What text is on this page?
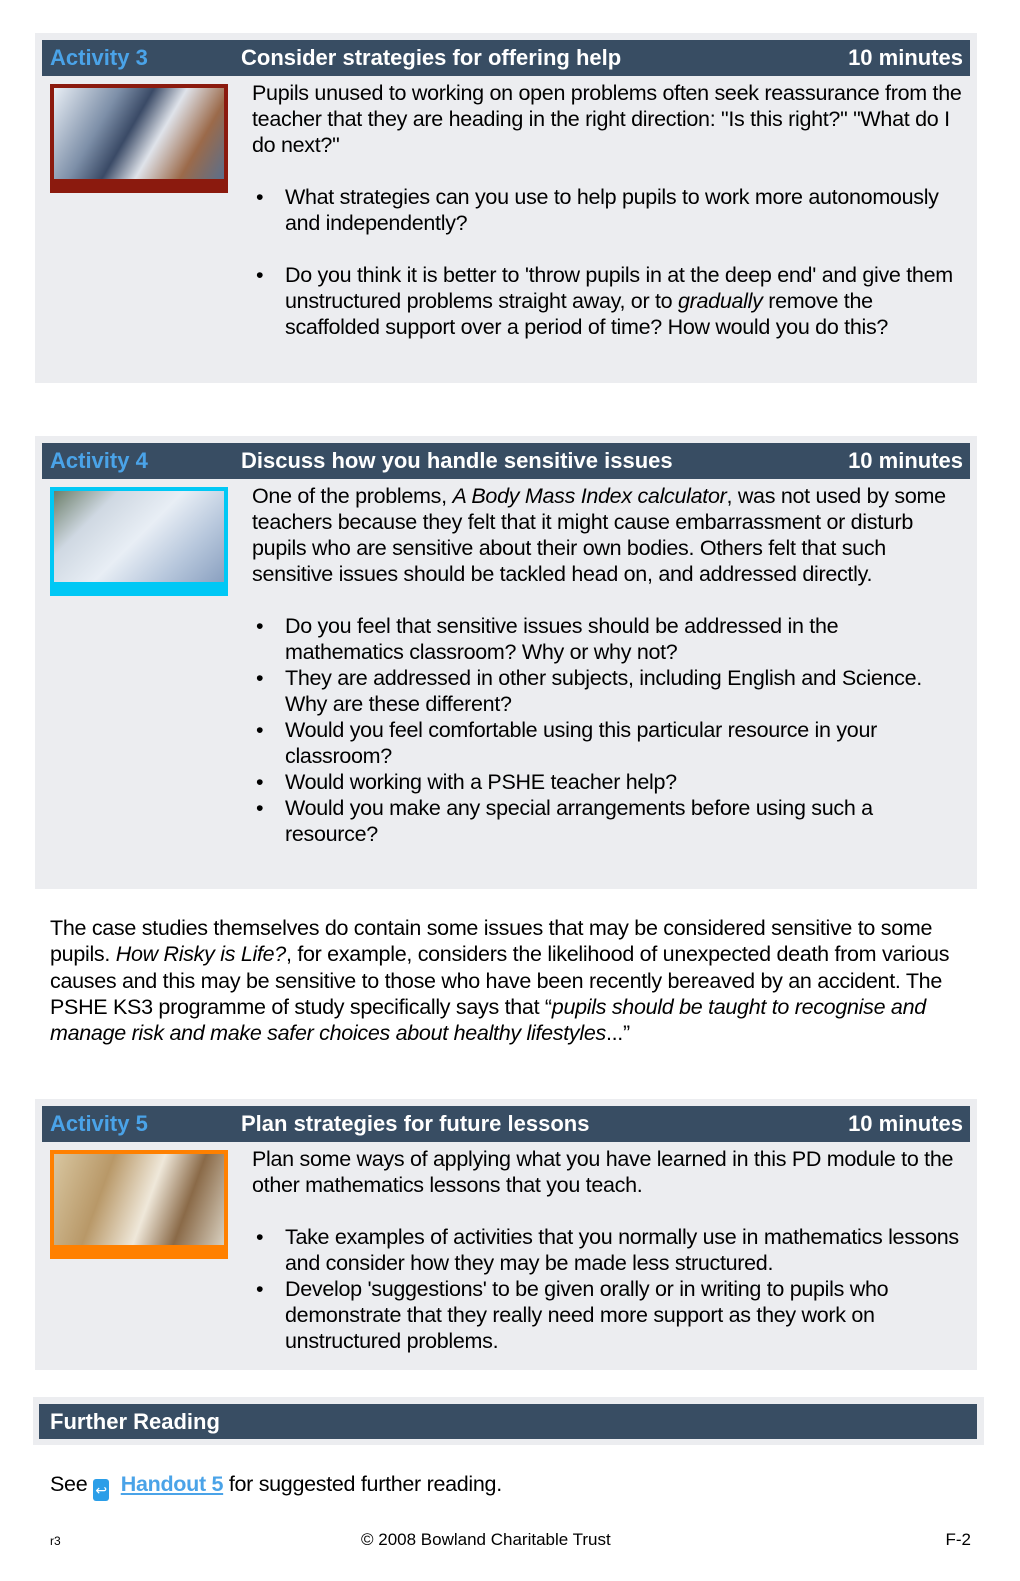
Activity 3	Consider strategies for offering help	10 minutes

Pupils unused to working on open problems often seek reassurance from the teacher that they are heading in the right direction: "Is this right?" "What do I do next?"

• What strategies can you use to help pupils to work more autonomously and independently?
• Do you think it is better to 'throw pupils in at the deep end' and give them unstructured problems straight away, or to gradually remove the scaffolded support over a period of time? How would you do this?
Activity 4	Discuss how you handle sensitive issues	10 minutes

One of the problems, A Body Mass Index calculator, was not used by some teachers because they felt that it might cause embarrassment or disturb pupils who are sensitive about their own bodies. Others felt that such sensitive issues should be tackled head on, and addressed directly.

• Do you feel that sensitive issues should be addressed in the mathematics classroom? Why or why not?
• They are addressed in other subjects, including English and Science. Why are these different?
• Would you feel comfortable using this particular resource in your classroom?
• Would working with a PSHE teacher help?
• Would you make any special arrangements before using such a resource?
The case studies themselves do contain some issues that may be considered sensitive to some pupils. How Risky is Life?, for example, considers the likelihood of unexpected death from various causes and this may be sensitive to those who have been recently bereaved by an accident. The PSHE KS3 programme of study specifically says that “pupils should be taught to recognise and manage risk and make safer choices about healthy lifestyles...”
Activity 5	Plan strategies for future lessons	10 minutes

Plan some ways of applying what you have learned in this PD module to the other mathematics lessons that you teach.

• Take examples of activities that you normally use in mathematics lessons and consider how they may be made less structured.
• Develop 'suggestions' to be given orally or in writing to pupils who demonstrate that they really need more support as they work on unstructured problems.
Further Reading
See ↩ Handout 5 for suggested further reading.
r3	© 2008 Bowland Charitable Trust	F-2
